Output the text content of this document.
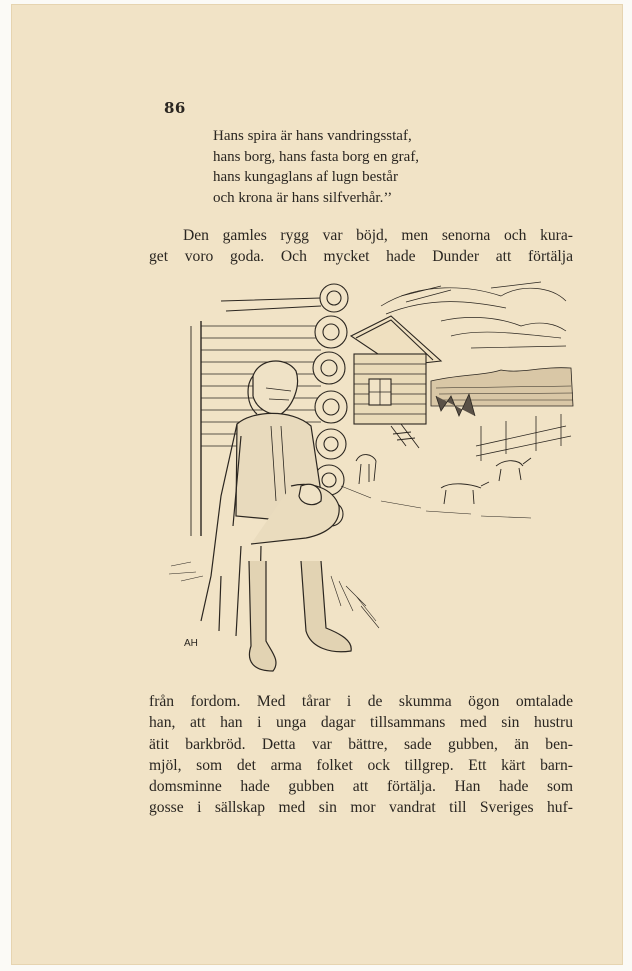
86
Hans spira är hans vandringsstaf,
hans borg, hans fasta borg en graf,
hans kungaglans af lugn består
och krona är hans silfverhår.’’
Den gamles rygg var böjd, men senorna och kura-
get voro goda. Och mycket hade Dunder att förtälja
AH
från fordom. Med tårar i de skumma ögon omtalade
han, att han i unga dagar tillsammans med sin hustru
ätit barkbröd. Detta var bättre, sade gubben, än ben-
mjöl, som det arma folket ock tillgrep. Ett kärt barn-
domsminne hade gubben att förtälja. Han hade som
gosse i sällskap med sin mor vandrat till Sveriges huf-
